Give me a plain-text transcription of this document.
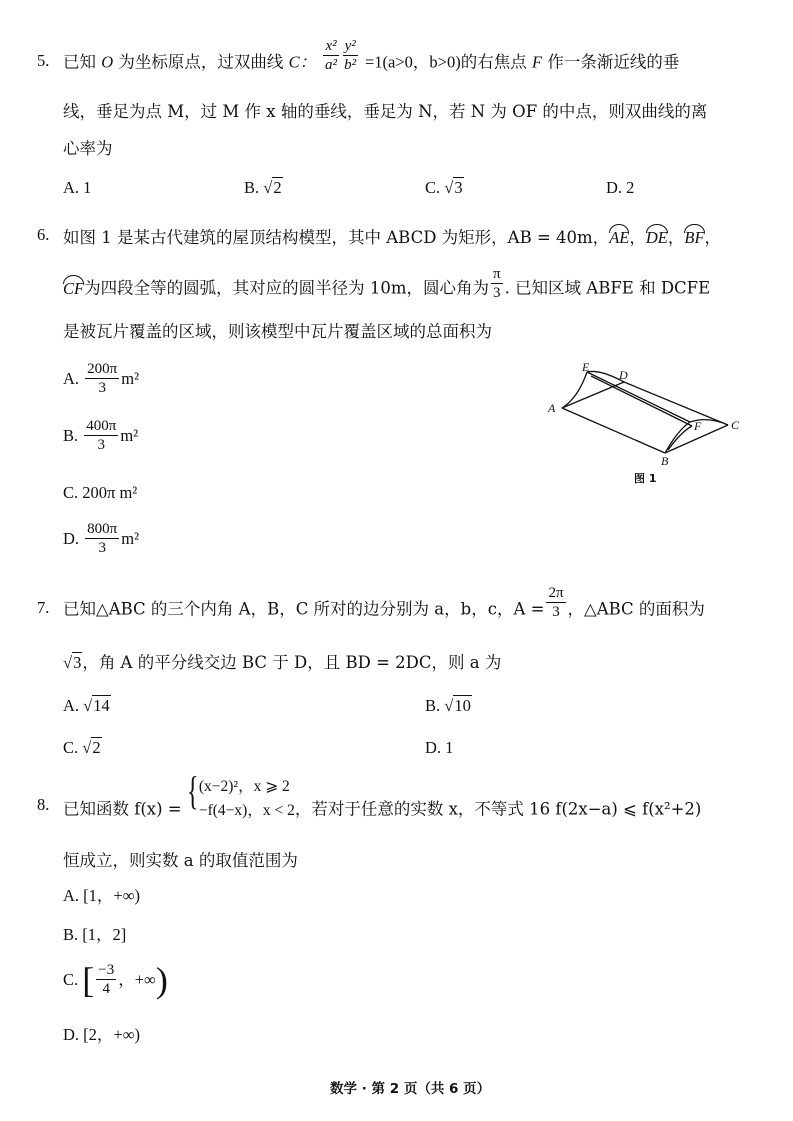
5. 已知 O 为坐标原点，过双曲线 C： $\frac{\text{x²}}{\text{a²}} \frac{\text{y²}}{\text{b²}} =1(a>0$，b>0)的右焦点 F 作一条渐近线的垂
线，垂足为点 M，过 M 作 x 轴的垂线，垂足为 N，若 N 为 OF 的中点，则双曲线的离
心率为
A. 1	B. √2	C. √3	D. 2
6. 如图 1 是某古代建筑的屋顶结构模型，其中 ABCD 为矩形，AB = 40m，AE，DE，BF，
CF为四段全等的圆弧，其对应的圆半径为 10m，圆心角为 $\frac{\pi}{3}$ . 已知区域 ABFE 和 DCFE
是被瓦片覆盖的区域，则该模型中瓦片覆盖区域的总面积为
A. $\frac{200\pi}{3} m^2$
B. $\frac{400\pi}{3} m^2$
C. 200π m²
D. $\frac{800\pi}{3} m^2$
E
D
A
F C
B
图 1
7. 已知△ABC 的三个内角 A，B，C 所对的边分别为 a，b，c，$A = \frac{2\pi}{3}$ ，△ABC 的面积为
√3，角 A 的平分线交边 BC 于 D，且 BD = 2DC，则 a 为
A. √14	B. √10
C. √2	D. 1
8. 已知函数 f(x) = { (x−2)²，x ⩾ 2
−f(4−x)，x < 2 ，若对于任意的实数 x，不等式 16 f(2x−a) ⩽ f(x²+2)
恒成立，则实数 a 的取值范围为
A. [1，+∞)
B. [1，2]
C. [ $\frac{-3}{4}$ ，+∞)
D. [2，+∞)
数学 · 第 2 页（共 6 页）
